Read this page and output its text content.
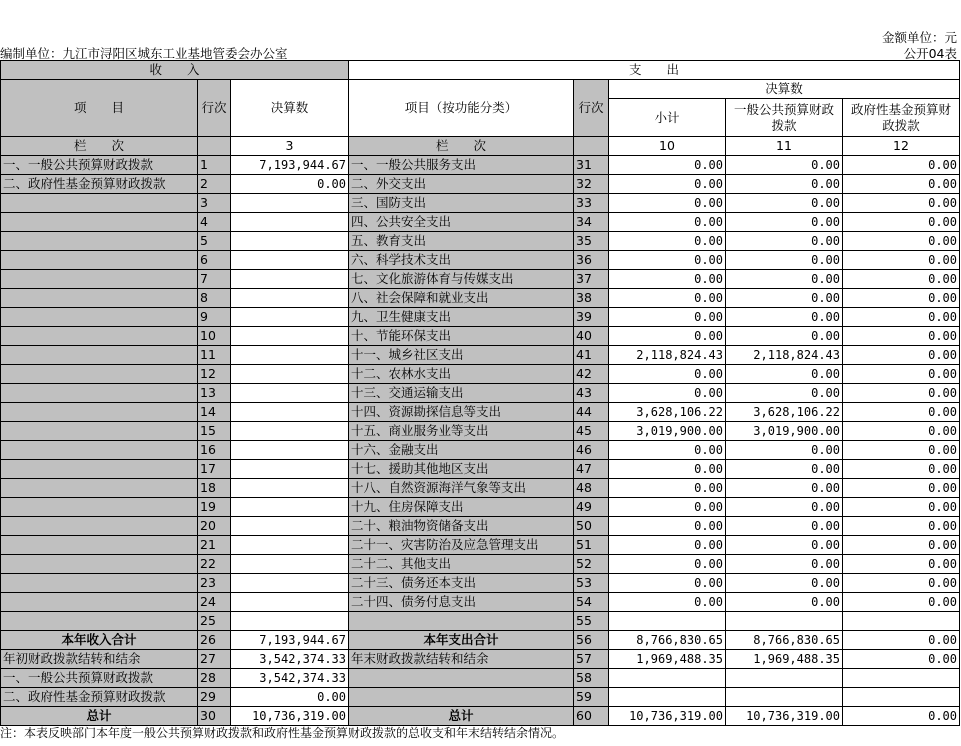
金额单位：元
编制单位：九江市浔阳区城东工业基地管委会办公室	公开04表
收　　入			支　　出				
项　　目	行次	决算数	项目（按功能分类）	行次	决算数		
					小计	一般公共预算财政拨款	政府性基金预算财政拨款
栏　　次		3	栏　　次		10	11	12
一、一般公共预算财政拨款	1	7,193,944.67	一、一般公共服务支出	31	0.00	0.00	0.00
二、政府性基金预算财政拨款	2	0.00	二、外交支出	32	0.00	0.00	0.00
	3		三、国防支出	33	0.00	0.00	0.00
	4		四、公共安全支出	34	0.00	0.00	0.00
	5		五、教育支出	35	0.00	0.00	0.00
	6		六、科学技术支出	36	0.00	0.00	0.00
	7		七、文化旅游体育与传媒支出	37	0.00	0.00	0.00
	8		八、社会保障和就业支出	38	0.00	0.00	0.00
	9		九、卫生健康支出	39	0.00	0.00	0.00
	10		十、节能环保支出	40	0.00	0.00	0.00
	11		十一、城乡社区支出	41	2,118,824.43	2,118,824.43	0.00
	12		十二、农林水支出	42	0.00	0.00	0.00
	13		十三、交通运输支出	43	0.00	0.00	0.00
	14		十四、资源勘探信息等支出	44	3,628,106.22	3,628,106.22	0.00
	15		十五、商业服务业等支出	45	3,019,900.00	3,019,900.00	0.00
	16		十六、金融支出	46	0.00	0.00	0.00
	17		十七、援助其他地区支出	47	0.00	0.00	0.00
	18		十八、自然资源海洋气象等支出	48	0.00	0.00	0.00
	19		十九、住房保障支出	49	0.00	0.00	0.00
	20		二十、粮油物资储备支出	50	0.00	0.00	0.00
	21		二十一、灾害防治及应急管理支出	51	0.00	0.00	0.00
	22		二十二、其他支出	52	0.00	0.00	0.00
	23		二十三、债务还本支出	53	0.00	0.00	0.00
	24		二十四、债务付息支出	54	0.00	0.00	0.00
	25			55			
本年收入合计	26	7,193,944.67	本年支出合计	56	8,766,830.65	8,766,830.65	0.00
年初财政拨款结转和结余	27	3,542,374.33	年末财政拨款结转和结余	57	1,969,488.35	1,969,488.35	0.00
一、一般公共预算财政拨款	28	3,542,374.33		58			
二、政府性基金预算财政拨款	29	0.00		59			
总计	30	10,736,319.00	总计	60	10,736,319.00	10,736,319.00	0.00
注：本表反映部门本年度一般公共预算财政拨款和政府性基金预算财政拨款的总收支和年末结转结余情况。
